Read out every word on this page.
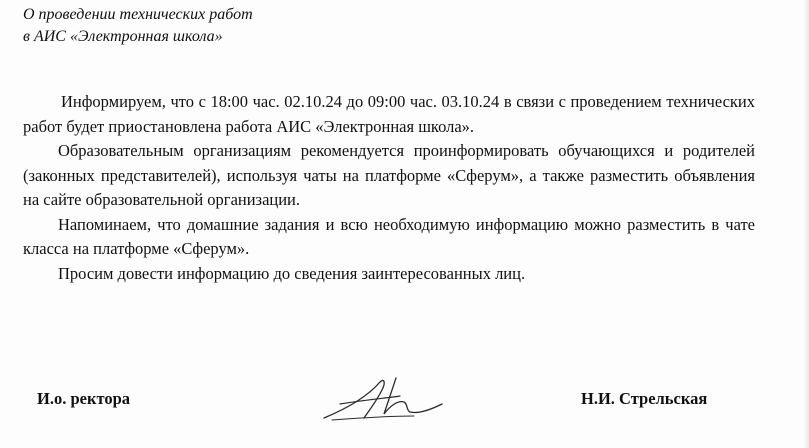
О проведении технических работ
в АИС «Электронная школа»

Информируем, что с 18:00 час. 02.10.24 до 09:00 час. 03.10.24 в связи с проведением технических работ будет приостановлена работа АИС «Электронная школа».

Образовательным организациям рекомендуется проинформировать обучающихся и родителей (законных представителей), используя чаты на платформе «Сферум», а также разместить объявления на сайте образовательной организации.

Напоминаем, что домашние задания и всю необходимую информацию можно разместить в чате класса на платформе «Сферум».

Просим довести информацию до сведения заинтересованных лиц.

И.о. ректора	Н.И. Стрельская
